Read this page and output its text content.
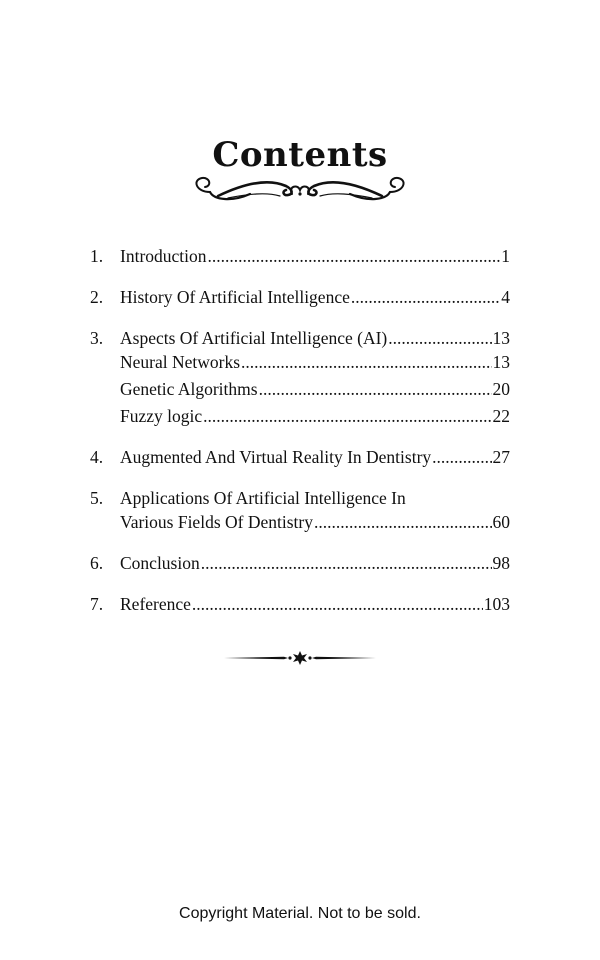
Contents
1. Introduction .....	1
2. History Of Artificial Intelligence .....	4
3. Aspects Of Artificial Intelligence (AI) .....	13
Neural Networks .....	13
Genetic Algorithms .....	20
Fuzzy logic .....	22
4. Augmented And Virtual Reality In Dentistry .....	27
5. Applications Of Artificial Intelligence In
Various Fields Of Dentistry .....	60
6. Conclusion .....	98
7. Reference .....	103
Copyright Material. Not to be sold.
